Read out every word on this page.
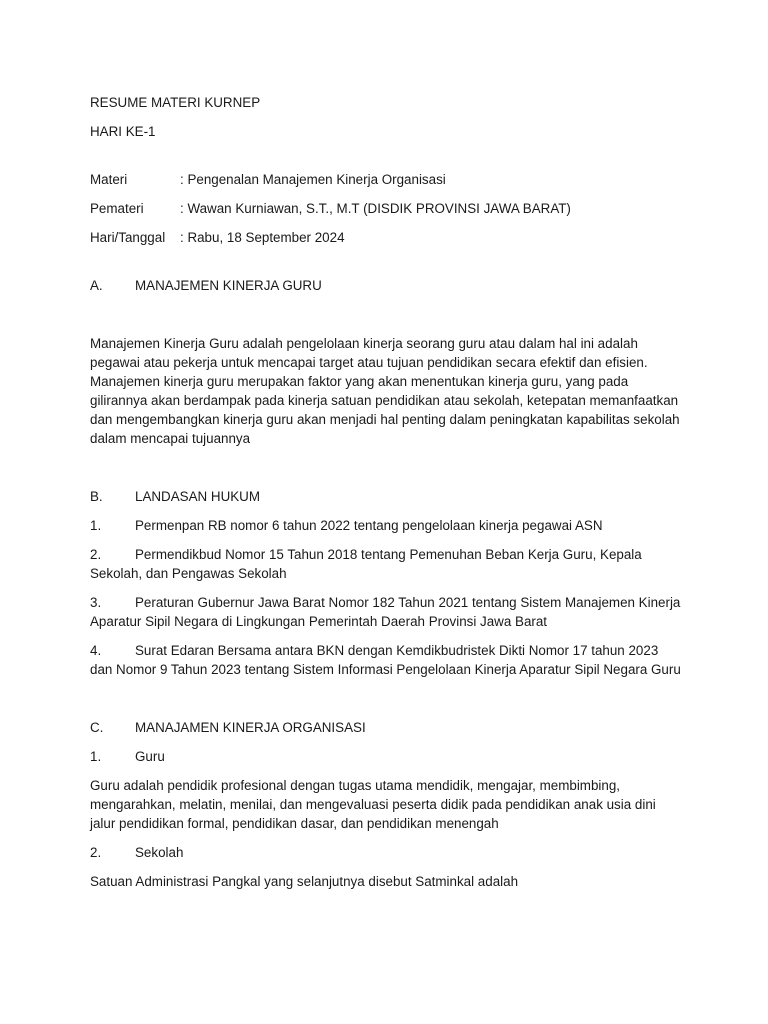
RESUME MATERI KURNEP

HARI KE-1

Materi	: Pengenalan Manajemen Kinerja Organisasi
Pemateri	: Wawan Kurniawan, S.T., M.T (DISDIK PROVINSI JAWA BARAT)
Hari/Tanggal	: Rabu, 18 September 2024
A.	MANAJEMEN KINERJA GURU

Manajemen Kinerja Guru adalah pengelolaan kinerja seorang guru atau dalam hal ini adalah pegawai atau pekerja untuk mencapai target atau tujuan pendidikan secara efektif dan efisien. Manajemen kinerja guru merupakan faktor yang akan menentukan kinerja guru, yang pada gilirannya akan berdampak pada kinerja satuan pendidikan atau sekolah, ketepatan memanfaatkan dan mengembangkan kinerja guru akan menjadi hal penting dalam peningkatan kapabilitas sekolah dalam mencapai tujuannya

B.	LANDASAN HUKUM

1.	Permenpan RB nomor 6 tahun 2022 tentang pengelolaan kinerja pegawai ASN

2.	Permendikbud Nomor 15 Tahun 2018 tentang Pemenuhan Beban Kerja Guru, Kepala Sekolah, dan Pengawas Sekolah

3.	Peraturan Gubernur Jawa Barat Nomor 182 Tahun 2021 tentang Sistem Manajemen Kinerja Aparatur Sipil Negara di Lingkungan Pemerintah Daerah Provinsi Jawa Barat

4.	Surat Edaran Bersama antara BKN dengan Kemdikbudristek Dikti Nomor 17 tahun 2023 dan Nomor 9 Tahun 2023 tentang Sistem Informasi Pengelolaan Kinerja Aparatur Sipil Negara Guru

C.	MANAJAMEN KINERJA ORGANISASI
1.	Guru

Guru adalah pendidik profesional dengan tugas utama mendidik, mengajar, membimbing, mengarahkan, melatin, menilai, dan mengevaluasi peserta didik pada pendidikan anak usia dini jalur pendidikan formal, pendidikan dasar, dan pendidikan menengah

2.	Sekolah

Satuan Administrasi Pangkal yang selanjutnya disebut Satminkal adalah
